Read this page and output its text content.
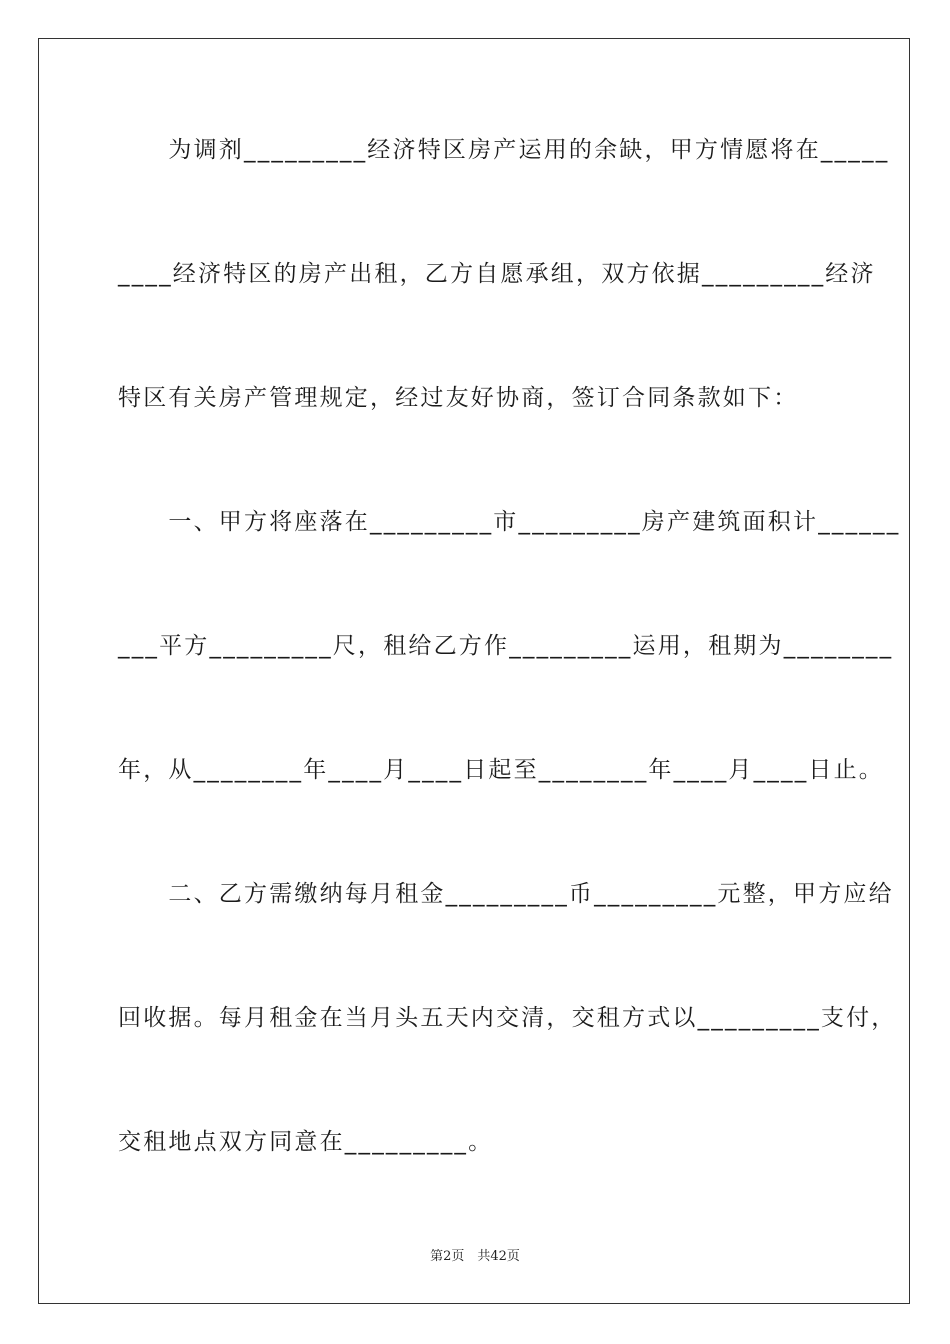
　　为调剂_________经济特区房产运用的余缺，甲方情愿将在_____

____经济特区的房产出租，乙方自愿承组，双方依据_________经济

特区有关房产管理规定，经过友好协商，签订合同条款如下：

　　一、甲方将座落在_________市_________房产建筑面积计______

___平方_________尺，租给乙方作_________运用，租期为________

年，从________年____月____日起至________年____月____日止。

　　二、乙方需缴纳每月租金_________币_________元整，甲方应给

回收据。每月租金在当月头五天内交清，交租方式以_________支付，

交租地点双方同意在_________。

第2页　共42页
